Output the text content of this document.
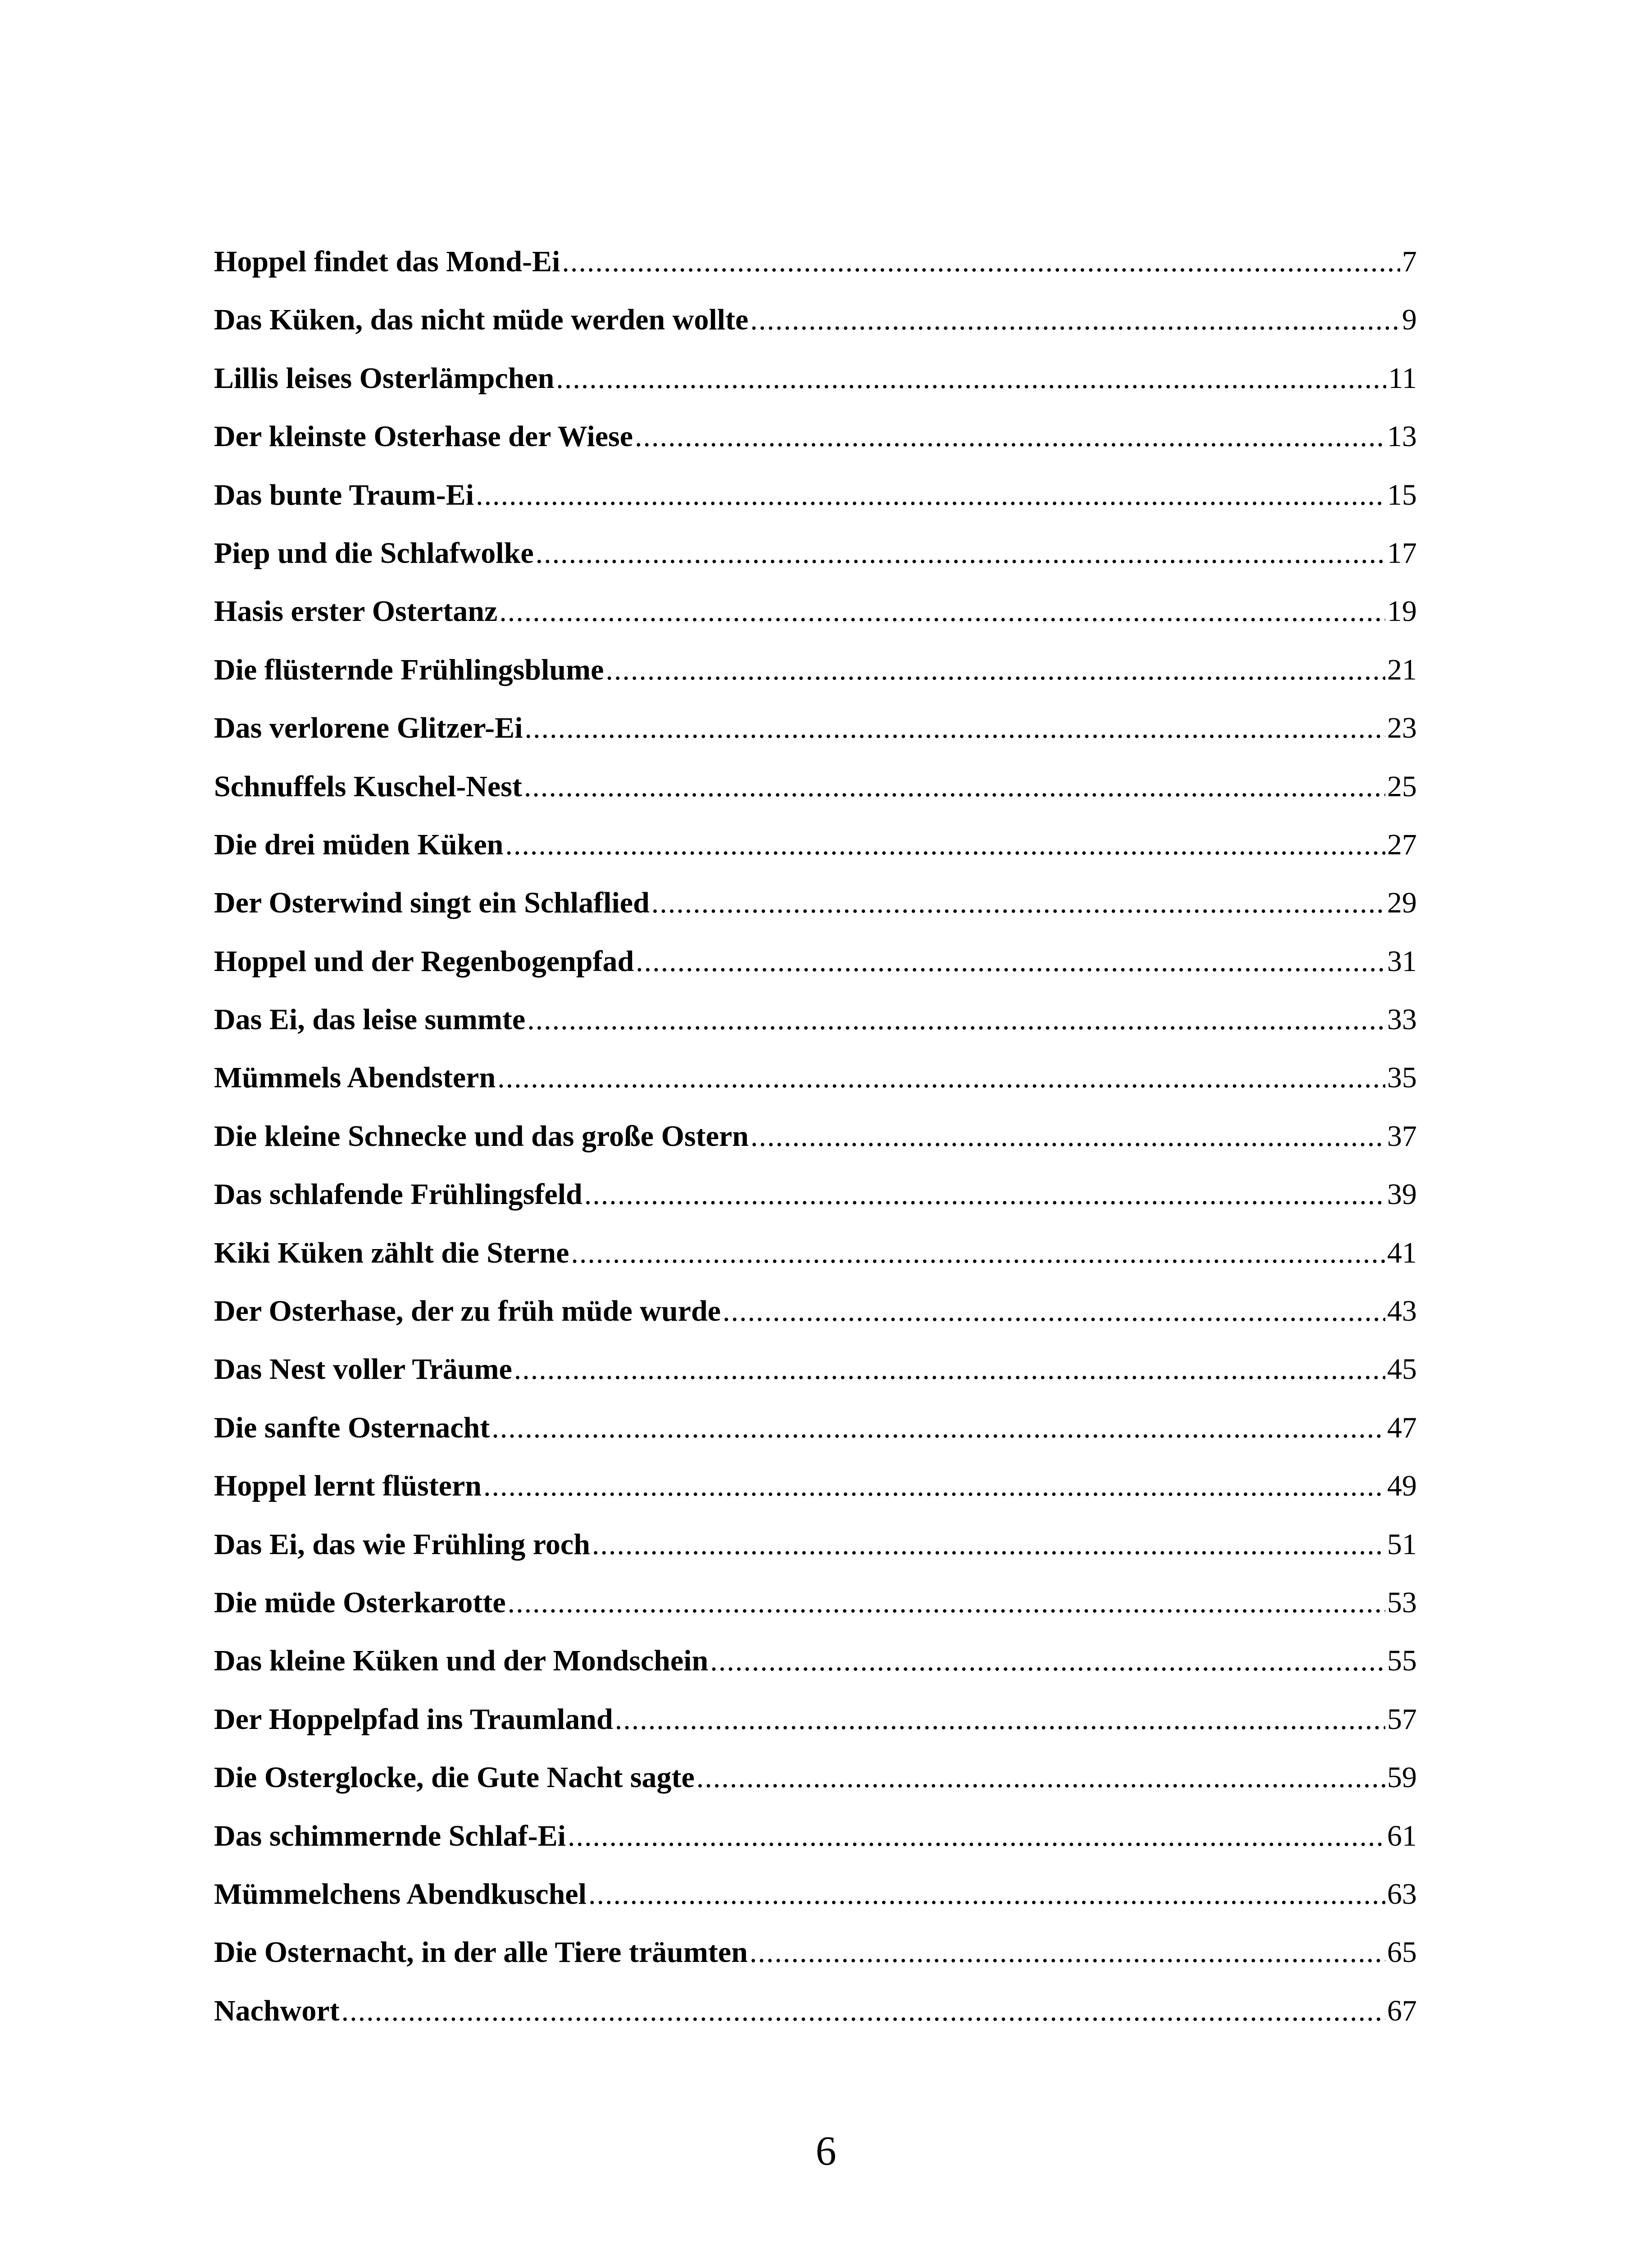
Hoppel findet das Mond-Ei .....	7
Das Küken, das nicht müde werden wollte .....	9
Lillis leises Osterlämpchen .....	11
Der kleinste Osterhase der Wiese .....	13
Das bunte Traum-Ei .....	15
Piep und die Schlafwolke .....	17
Hasis erster Ostertanz .....	19
Die flüsternde Frühlingsblume .....	21
Das verlorene Glitzer-Ei .....	23
Schnuffels Kuschel-Nest .....	25
Die drei müden Küken .....	27
Der Osterwind singt ein Schlaflied .....	29
Hoppel und der Regenbogenpfad .....	31
Das Ei, das leise summte .....	33
Mümmels Abendstern .....	35
Die kleine Schnecke und das große Ostern .....	37
Das schlafende Frühlingsfeld .....	39
Kiki Küken zählt die Sterne .....	41
Der Osterhase, der zu früh müde wurde .....	43
Das Nest voller Träume .....	45
Die sanfte Osternacht .....	47
Hoppel lernt flüstern .....	49
Das Ei, das wie Frühling roch .....	51
Die müde Osterkarotte .....	53
Das kleine Küken und der Mondschein .....	55
Der Hoppelpfad ins Traumland .....	57
Die Osterglocke, die Gute Nacht sagte .....	59
Das schimmernde Schlaf-Ei .....	61
Mümmelchens Abendkuschel .....	63
Die Osternacht, in der alle Tiere träumten .....	65
Nachwort .....	67
6
